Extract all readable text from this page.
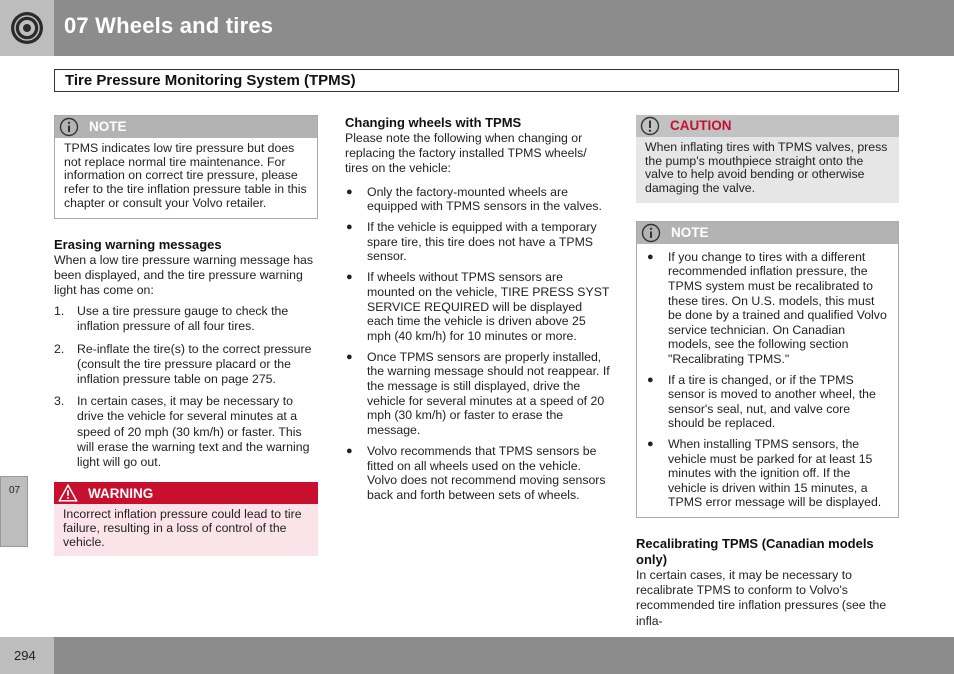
07 Wheels and tires
Tire Pressure Monitoring System (TPMS)
07
NOTE
TPMS indicates low tire pressure but does not replace normal tire maintenance. For information on correct tire pressure, please refer to the tire inflation pressure table in this chapter or consult your Volvo retailer.
Erasing warning messages
When a low tire pressure warning message has been displayed, and the tire pressure warning light has come on:
1.	Use a tire pressure gauge to check the inflation pressure of all four tires.
2.	Re-inflate the tire(s) to the correct pressure (consult the tire pressure placard or the inflation pressure table on page 275.
3.	In certain cases, it may be necessary to drive the vehicle for several minutes at a speed of 20 mph (30 km/h) or faster. This will erase the warning text and the warning light will go out.
WARNING
Incorrect inflation pressure could lead to tire failure, resulting in a loss of control of the vehicle.
Changing wheels with TPMS
Please note the following when changing or replacing the factory installed TPMS wheels/ tires on the vehicle:
●	Only the factory-mounted wheels are equipped with TPMS sensors in the valves.
●	If the vehicle is equipped with a temporary spare tire, this tire does not have a TPMS sensor.
●	If wheels without TPMS sensors are mounted on the vehicle, TIRE PRESS SYST SERVICE REQUIRED will be displayed each time the vehicle is driven above 25 mph (40 km/h) for 10 minutes or more.
●	Once TPMS sensors are properly installed, the warning message should not reappear. If the message is still displayed, drive the vehicle for several minutes at a speed of 20 mph (30 km/h) or faster to erase the message.
●	Volvo recommends that TPMS sensors be fitted on all wheels used on the vehicle. Volvo does not recommend moving sensors back and forth between sets of wheels.
CAUTION
When inflating tires with TPMS valves, press the pump's mouthpiece straight onto the valve to help avoid bending or otherwise damaging the valve.
NOTE
●	If you change to tires with a different recommended inflation pressure, the TPMS system must be recalibrated to these tires. On U.S. models, this must be done by a trained and qualified Volvo service technician. On Canadian models, see the following section "Recalibrating TPMS."
●	If a tire is changed, or if the TPMS sensor is moved to another wheel, the sensor's seal, nut, and valve core should be replaced.
●	When installing TPMS sensors, the vehicle must be parked for at least 15 minutes with the ignition off. If the vehicle is driven within 15 minutes, a TPMS error message will be displayed.
Recalibrating TPMS (Canadian models only)
In certain cases, it may be necessary to recalibrate TPMS to conform to Volvo's recommended tire inflation pressures (see the infla-
294
